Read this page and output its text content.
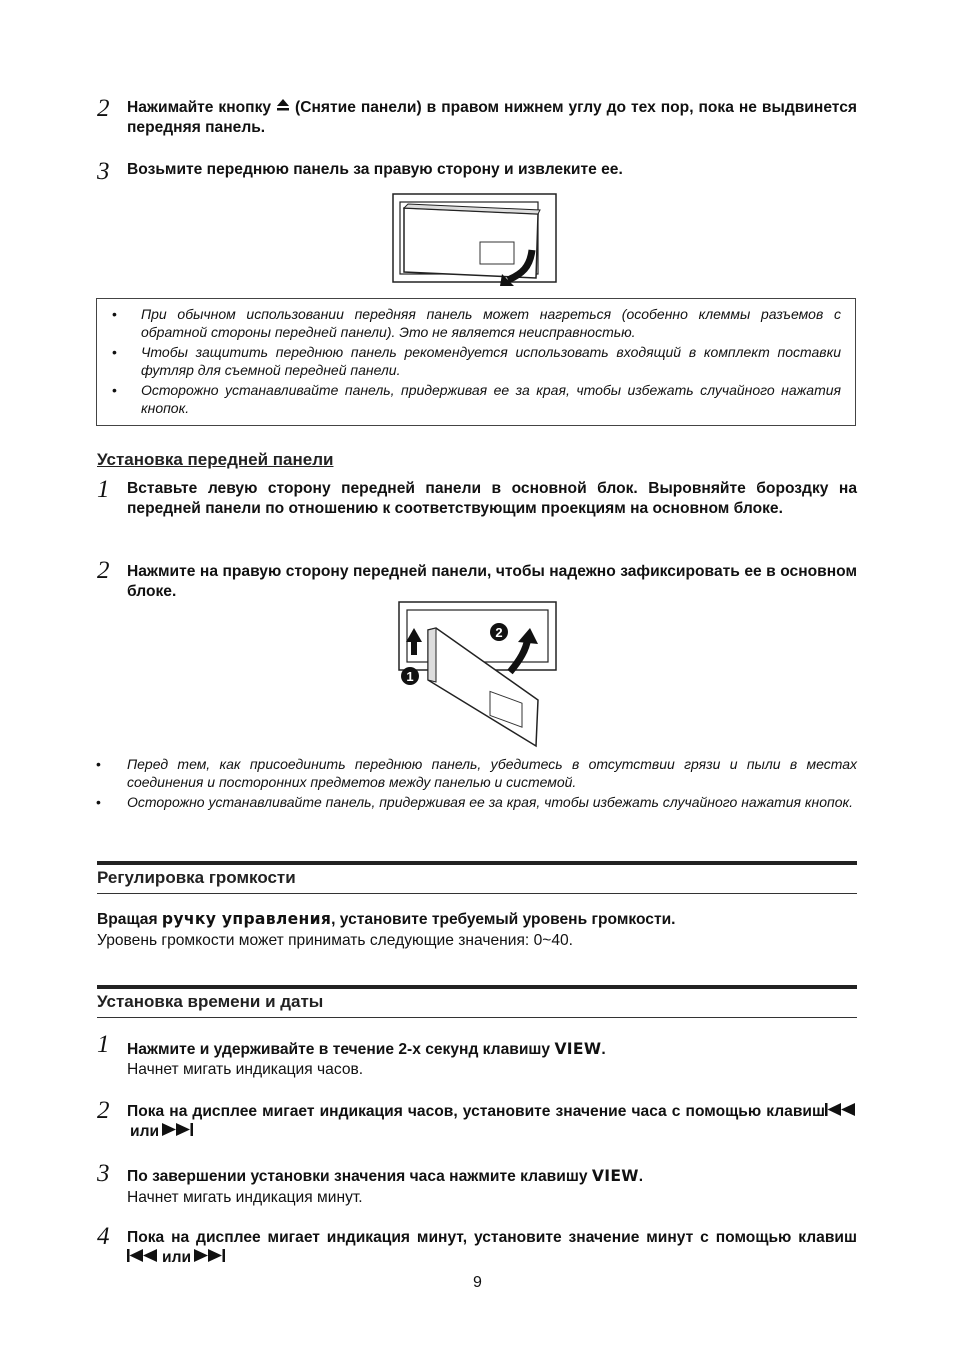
2 Нажимайте кнопку  (Снятие панели) в правом нижнем углу до тех пор, пока не выдвинется передняя панель.
3 Возьмите переднюю панель за правую сторону и извлеките ее.
• При обычном использовании передняя панель может нагреться (особенно клеммы разъемов с обратной стороны передней панели). Это не является неисправностью.
• Чтобы защитить переднюю панель рекомендуется использовать входящий в комплект поставки футляр для съемной передней панели.
• Осторожно устанавливайте панель, придерживая ее за края, чтобы избежать случайного нажатия кнопок.
Установка передней панели
1 Вставьте левую сторону передней панели в основной блок. Выровняйте бороздку на передней панели по отношению к соответствующим проекциям на основном блоке.
2 Нажмите на правую сторону передней панели, чтобы надежно зафиксировать ее в основном блоке.
1
2
• Перед тем, как присоединить переднюю панель, убедитесь в отсутствии грязи и пыли в местах соединения и посторонних предметов между панелью и системой.
• Осторожно устанавливайте панель, придерживая ее за края, чтобы избежать случайного нажатия кнопок.
Регулировка громкости
Вращая ручку управления, установите требуемый уровень громкости.
Уровень громкости может принимать следующие значения: 0~40.
Установка времени и даты
1 Нажмите и удерживайте в течение 2-х секунд клавишу VIEW.
Начнет мигать индикация часов.
2 Пока на дисплее мигает индикация часов, установите значение часа с помощью клавишили
3 По завершении установки значения часа нажмите клавишу VIEW.
Начнет мигать индикация минут.
4 Пока на дисплее мигает индикация минут, установите значение минут с помощью клавишили
9
